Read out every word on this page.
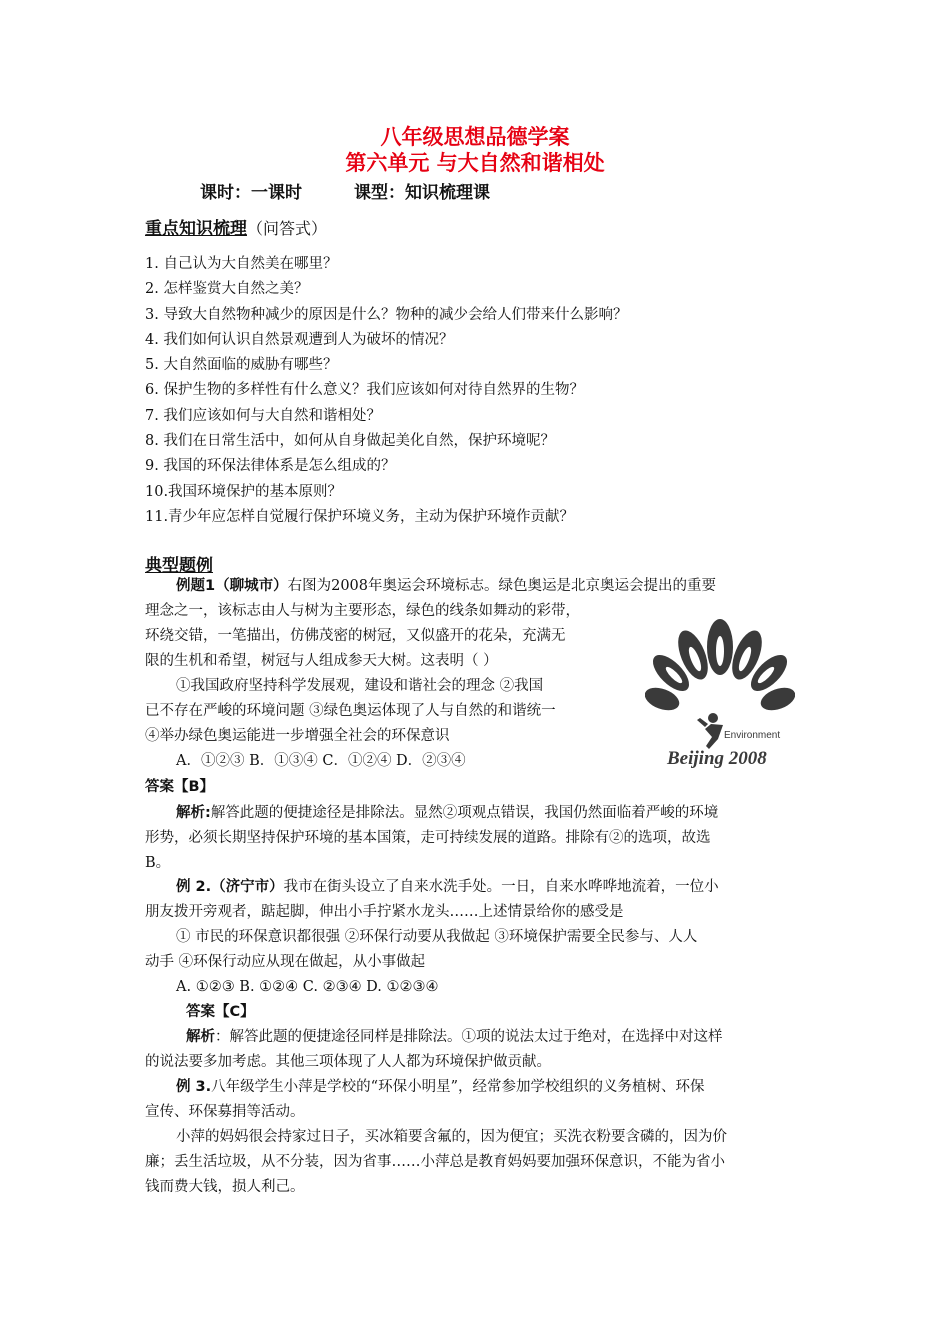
八年级思想品德学案
第六单元 与大自然和谐相处
课时：一课时	课型：知识梳理课
重点知识梳理（问答式）
1. 自己认为大自然美在哪里？
2. 怎样鉴赏大自然之美？
3. 导致大自然物种减少的原因是什么？物种的减少会给人们带来什么影响？
4. 我们如何认识自然景观遭到人为破坏的情况？
5. 大自然面临的威胁有哪些？
6. 保护生物的多样性有什么意义？我们应该如何对待自然界的生物？
7. 我们应该如何与大自然和谐相处？
8. 我们在日常生活中，如何从自身做起美化自然，保护环境呢？
9. 我国的环保法律体系是怎么组成的？
10.我国环境保护的基本原则？
11.青少年应怎样自觉履行保护环境义务，主动为保护环境作贡献？
典型题例
例题1（聊城市）右图为2008年奥运会环境标志。绿色奥运是北京奥运会提出的重要
理念之一，该标志由人与树为主要形态，绿色的线条如舞动的彩带，
环绕交错，一笔描出，仿佛茂密的树冠，又似盛开的花朵，充满无
限的生机和希望，树冠与人组成参天大树。这表明（ ）
①我国政府坚持科学发展观，建设和谐社会的理念 ②我国
已不存在严峻的环境问题 ③绿色奥运体现了人与自然的和谐统一
④举办绿色奥运能进一步增强全社会的环保意识
A．①②③ B．①③④ C．①②④ D．②③④
答案【B】
解析:解答此题的便捷途径是排除法。显然②项观点错误，我国仍然面临着严峻的环境
形势，必须长期坚持保护环境的基本国策，走可持续发展的道路。排除有②的选项，故选
B。
例 2.（济宁市）我市在街头设立了自来水洗手处。一日，自来水哗哗地流着，一位小
朋友拨开旁观者，踮起脚，伸出小手拧紧水龙头……上述情景给你的感受是
① 市民的环保意识都很强 ②环保行动要从我做起 ③环境保护需要全民参与、人人
动手 ④环保行动应从现在做起，从小事做起
A. ①②③ B. ①②④ C. ②③④ D. ①②③④
答案【C】
解析：解答此题的便捷途径同样是排除法。①项的说法太过于绝对，在选择中对这样
的说法要多加考虑。其他三项体现了人人都为环境保护做贡献。
例 3.八年级学生小萍是学校的“环保小明星”，经常参加学校组织的义务植树、环保
宣传、环保募捐等活动。
小萍的妈妈很会持家过日子，买冰箱要含氟的，因为便宜；买洗衣粉要含磷的，因为价
廉；丢生活垃圾，从不分装，因为省事……小萍总是教育妈妈要加强环保意识，不能为省小
钱而费大钱，损人利己。
Environment
Beijing 2008
